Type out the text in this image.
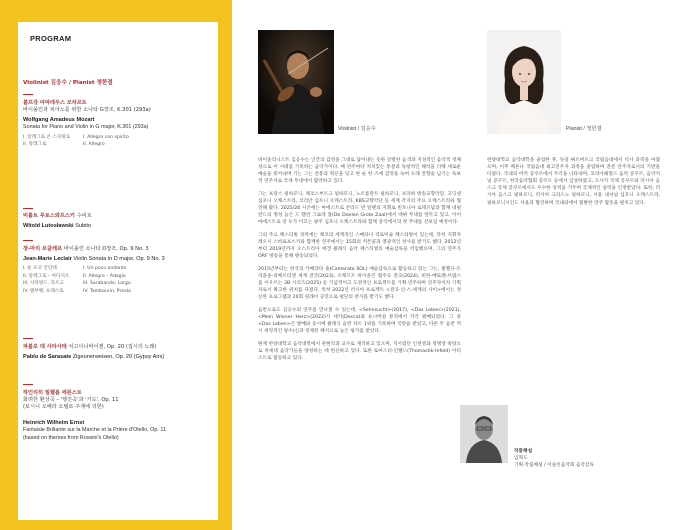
PROGRAM
Violinist 김응수 / Pianist 정한결
볼프강 아마데우스 모차르트
바이올린과 피아노를 위한 소나타 G장조, K.301 (293a)
Wolfgang Amadeus Mozart
Sonata for Piano and Violin in G major, K.301 (293a)
I. 알레그로 콘 스피릿토	I. Allegro con spirito
II. 알레그로	II. Allegro
비톨트 루토스와프스키 수비토
Witold Lutosławski Subito
장-마리 르클레르 바이올린 소나타 D장조, Op. 9 No. 3
Jean-Marie Leclair Violin Sonata in D major, Op. 9 No. 3
I. 운 포코 안단테	I. Un poco andante
II. 알레그로 – 아다지오	II. Allegro – Adagio
III. 사라방드, 라르고	III. Sarabande, Largo
IV. 탬부랭, 프레스토	IV. Tambourin, Presto
파블로 데 사라사테 치고이너바이젠, Op. 20 (집시의 노래)
Pablo de Sarasate Zigeunerweisen, Op. 20 (Gypsy Airs)
하인리히 빌헬름 에른스트
화려한 환상곡 – '행진곡'과 '기도', Op. 11
(로시니 오페라 오텔로 주제에 의한)
Heinrich Wilhelm Ernst
Fantaisie Brillante sur la Marche et la Prière d'Otello, Op. 11
(based on themes from Rossini's Otello)
Violinist / 김응수	Pianist / 정한결

바이올리니스트 김응수는 인간의 감정을 그대로 담아내는 듯한 강렬한 음색과 지성적인 음악적 정체성으로 이 시대를 기록하는 음악가이다. 매 연주마다 치치있는 통찰과 독창적인 해석을 더해 세로운 예술을 빚어내며 기는 그는 전통과 혁신을 잇고 한 순 한 즈에 감정을 녹여 오래 잔향을 남기는 독보적 연주자로 국제 무대에서 활약하고 있다.

그는 프랑스 필하모닉, 체코스부르크 필하모닉, 노르틀란트 필하모닉, 프라하 방송교향악단, 고딕센 심포니 오케스트라, 코리안 심포니 오케스트라, KBS교향악단 등 세계 각지의 주요 오케스트라와 협연해 왔다. 2025/26 시즌에는 마에스트로 콘라드 반 알펜의 지휘로 빈포니아 로테르담과 함께 네덜란드의 명성 높은 드 휀런 그로테 잘(De Doelen Grote Zaal)에서 데뷔 무대를 앞두고 있고, 이어 마에스트로 장 우가 이끄는 광주 심포니 오케스트라와 함께 중국에서의 첫 무대를 선보일 예정이다.

그의 주요 페스티벌 경력에는 체코의 세계적인 스메타나 리토미슬 페스티벌이 있는데, 특히 지휘자 레오시 스바로프스키와 함께한 연주에서는 15회의 커튼콜과 열광적인 찬사를 받기도 했다. 2012년부터 2019년까지 오스트리아 에겐 클래식 음악 페스티벌의 예술감독을 역임했으며, 그의 연주가 ORF 방송을 통해 방송되었다.

2015년부터는 한국의 카메라타 솔(Camerata SOL) 예술감독으로 활동하고 있는 그는, 빌헬디-트리플솔-리베르티앤 세계 전국(2023), 오케르트 바이올린 협주곡 전곡(2024), 비한-베토벤-브람스를 이우르는 3B 시리즈(2025) 등 기념적이고 도전적인 프로젝트를 기획·연주하며 연주자이자 기획자로서 확고한 위치를 다졌다. 특히 2022년 러시아 프로젝트 <전곡·신·스·세계의 사이>에서는 정신한 프로그램과 20회 원래이 공연으로 평단의 찬사를 받기도 했다.

음반으로도 김응수의 연주를 만나볼 수 있는데, <Sehnsucht>(2017), <Das Leben>(2021), <Mein Wiener Herz>(2022)가 데카(Decca)와 유니버설 뮤직에서 각각 발매되었다. 그 중 <Das Leben>은 발매와 동시에 클래식 음반 차트 1위를 기록하며 국란을 받았고, 다른 두 음반 역시 세정적인 창수(신과 정제된 해석으로 높은 평가를 받았다.

현재 한양대학교 음악대학에서 관현악과 교수로 재직하고 있으며, 지시였던 인천영과 정명영 바탕으로 차세대 음악가들을 양성하는 데 헌신하고 있다. 또한 토마스터-인펠드(Thomastik-Infeld) 아티스트로 활동하고 있다.

한양대학교 음악대학을 졸업한 후, 독일 뷔르버르크 국립음대에서 석사 과정을 마쳤으며, 이후 베른나 국립음대 최고연주자 과정을 졸업하며 전문 연주자로서의 기반을 다졌다. 국내의 여러 콩쿠르에서 두각을 나타내며, 코리아헤럴드 음악 콩쿠르, 음악저널 콩쿠르, 한국음악협회 콩쿠르 등에서 입상하였고, 오사카 국제 콩쿠르와 러시아 음스크 국제 콩쿠르에서도 우수한 성적을 거두며 국제적인 실력을 인정받았다. 또한, 러시아 음스크 필하모닉, 러시아 크라스노 필하모닉, 서울 내셔널 심포니 오케스트라, 필하모닉시인드 서울과 협연하며 국내외에서 활발한 연주 활동을 펼치고 있다.

작품해설
임혁도
기획·작품해설 / 이솔린음악회 음악감독
